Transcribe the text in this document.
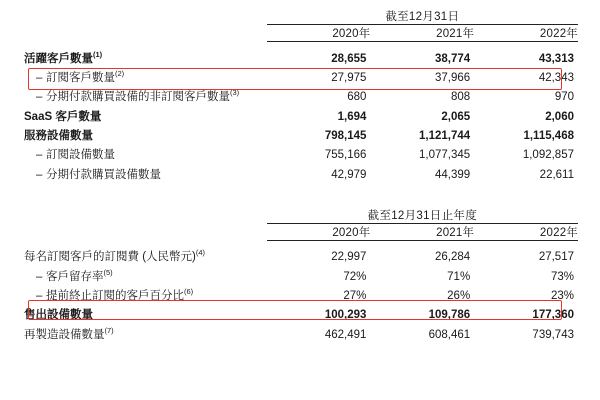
	截至12月31日		
	2020年	2021年	2022年

活躍客戶數量$^{(1)}$	28,655	38,774	43,313
– 訂閱客戶數量$^{(2)}$	27,975	37,966	42,343
– 分期付款購買設備的非訂閱客戶數量$^{(3)}$	680	808	970
SaaS 客戶數量	1,694	2,065	2,060
服務設備數量	798,145	1,121,744	1,115,468
– 訂閱設備數量	755,166	1,077,345	1,092,857
– 分期付款購買設備數量	42,979	44,399	22,611
	截至12月31日止年度		
	2020年	2021年	2022年

每名訂閱客戶的訂閱費 (人民幣元)$^{(4)}$	22,997	26,284	27,517
– 客戶留存率$^{(5)}$	72%	71%	73%
– 提前終止訂閱的客戶百分比$^{(6)}$	27%	26%	23%
售出設備數量	100,293	109,786	177,360
再製造設備數量$^{(7)}$	462,491	608,461	739,743
